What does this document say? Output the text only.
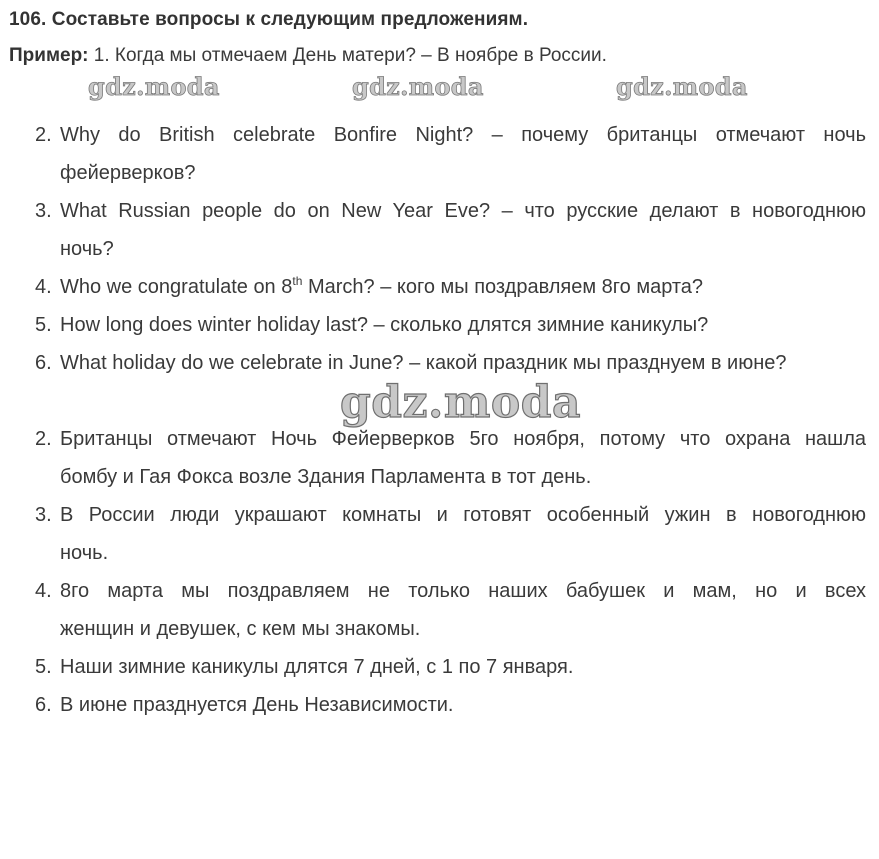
106. Составьте вопросы к следующим предложениям.
Пример: 1. Когда мы отмечаем День матери? – В ноябре в России.
gdz.moda	gdz.moda	gdz.moda
2. Why do British celebrate Bonfire Night? – почему британцы отмечают ночь
фейерверков?
3. What Russian people do on New Year Eve? – что русские делают в новогоднюю
ночь?
4. Who we congratulate on 8th March? – кого мы поздравляем 8го марта?
5. How long does winter holiday last? – сколько длятся зимние каникулы?
6. What holiday do we celebrate in June? – какой праздник мы празднуем в июне?
gdz.moda
2. Британцы отмечают Ночь Фейерверков 5го ноября, потому что охрана нашла
бомбу и Гая Фокса возле Здания Парламента в тот день.
3. В России люди украшают комнаты и готовят особенный ужин в новогоднюю
ночь.
4. 8го марта мы поздравляем не только наших бабушек и мам, но и всех
женщин и девушек, с кем мы знакомы.
5. Наши зимние каникулы длятся 7 дней, с 1 по 7 января.
6. В июне празднуется День Независимости.
